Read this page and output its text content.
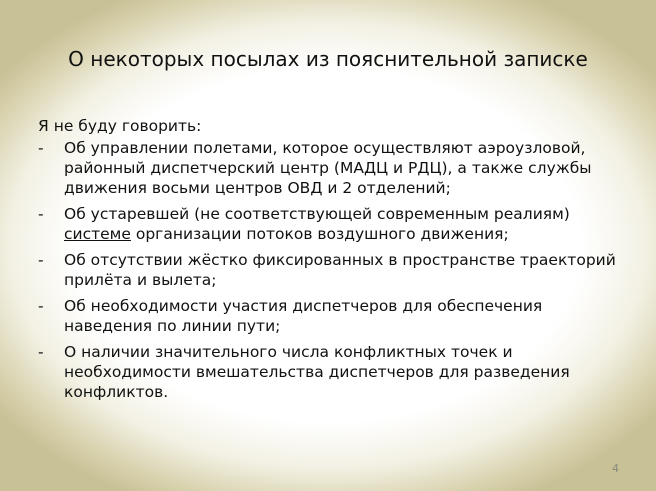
О некоторых посылах из пояснительной записке
Я не буду говорить:
- Об управлении полетами, которое осуществляют аэроузловой, районный диспетчерский центр (МАДЦ и РДЦ), а также службы движения восьми центров ОВД и 2 отделений;
- Об устаревшей (не соответствующей современным реалиям) системе организации потоков воздушного движения;
- Об отсутствии жёстко фиксированных в пространстве траекторий прилёта и вылета;
- Об необходимости участия диспетчеров для обеспечения наведения по линии пути;
- О наличии значительного числа конфликтных точек и необходимости вмешательства диспетчеров для разведения конфликтов.
4
